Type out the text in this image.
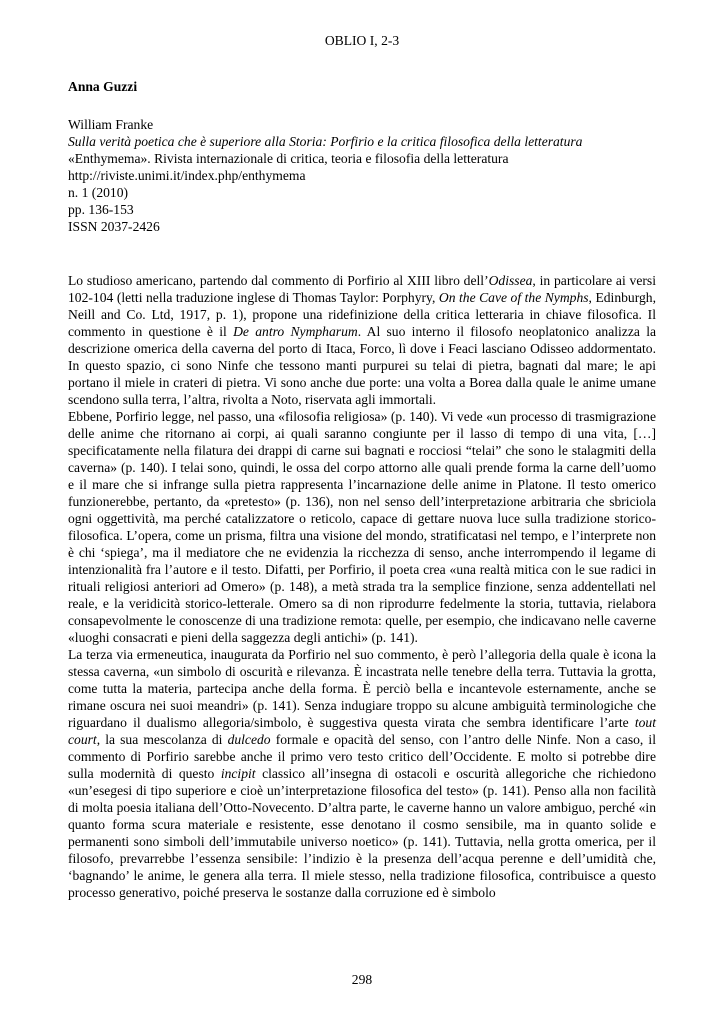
OBLIO I, 2-3
Anna Guzzi
William Franke
Sulla verità poetica che è superiore alla Storia: Porfirio e la critica filosofica della letteratura
«Enthymema». Rivista internazionale di critica, teoria e filosofia della letteratura
http://riviste.unimi.it/index.php/enthymema
n. 1 (2010)
pp. 136-153
ISSN 2037-2426

Lo studioso americano, partendo dal commento di Porfirio al XIII libro dell’Odissea, in particolare ai versi 102-104 (letti nella traduzione inglese di Thomas Taylor: Porphyry, On the Cave of the Nymphs, Edinburgh, Neill and Co. Ltd, 1917, p. 1), propone una ridefinizione della critica letteraria in chiave filosofica. Il commento in questione è il De antro Nympharum. Al suo interno il filosofo neoplatonico analizza la descrizione omerica della caverna del porto di Itaca, Forco, lì dove i Feaci lasciano Odisseo addormentato. In questo spazio, ci sono Ninfe che tessono manti purpurei su telai di pietra, bagnati dal mare; le api portano il miele in crateri di pietra. Vi sono anche due porte: una volta a Borea dalla quale le anime umane scendono sulla terra, l’altra, rivolta a Noto, riservata agli immortali.

Ebbene, Porfirio legge, nel passo, una «filosofia religiosa» (p. 140). Vi vede «un processo di trasmigrazione delle anime che ritornano ai corpi, ai quali saranno congiunte per il lasso di tempo di una vita, […] specificatamente nella filatura dei drappi di carne sui bagnati e rocciosi “telai” che sono le stalagmiti della caverna» (p. 140). I telai sono, quindi, le ossa del corpo attorno alle quali prende forma la carne dell’uomo e il mare che si infrange sulla pietra rappresenta l’incarnazione delle anime in Platone. Il testo omerico funzionerebbe, pertanto, da «pretesto» (p. 136), non nel senso dell’interpretazione arbitraria che sbriciola ogni oggettività, ma perché catalizzatore o reticolo, capace di gettare nuova luce sulla tradizione storico-filosofica. L’opera, come un prisma, filtra una visione del mondo, stratificatasi nel tempo, e l’interprete non è chi ‘spiega’, ma il mediatore che ne evidenzia la ricchezza di senso, anche interrompendo il legame di intenzionalità fra l’autore e il testo. Difatti, per Porfirio, il poeta crea «una realtà mitica con le sue radici in rituali religiosi anteriori ad Omero» (p. 148), a metà strada tra la semplice finzione, senza addentellati nel reale, e la veridicità storico-letterale. Omero sa di non riprodurre fedelmente la storia, tuttavia, rielabora consapevolmente le conoscenze di una tradizione remota: quelle, per esempio, che indicavano nelle caverne «luoghi consacrati e pieni della saggezza degli antichi» (p. 141).

La terza via ermeneutica, inaugurata da Porfirio nel suo commento, è però l’allegoria della quale è icona la stessa caverna, «un simbolo di oscurità e rilevanza. È incastrata nelle tenebre della terra. Tuttavia la grotta, come tutta la materia, partecipa anche della forma. È perciò bella e incantevole esternamente, anche se rimane oscura nei suoi meandri» (p. 141). Senza indugiare troppo su alcune ambiguità terminologiche che riguardano il dualismo allegoria/simbolo, è suggestiva questa virata che sembra identificare l’arte tout court, la sua mescolanza di dulcedo formale e opacità del senso, con l’antro delle Ninfe. Non a caso, il commento di Porfirio sarebbe anche il primo vero testo critico dell’Occidente. E molto si potrebbe dire sulla modernità di questo incipit classico all’insegna di ostacoli e oscurità allegoriche che richiedono «un’esegesi di tipo superiore e cioè un’interpretazione filosofica del testo» (p. 141). Penso alla non facilità di molta poesia italiana dell’Otto-Novecento. D’altra parte, le caverne hanno un valore ambiguo, perché «in quanto forma scura materiale e resistente, esse denotano il cosmo sensibile, ma in quanto solide e permanenti sono simboli dell’immutabile universo noetico» (p. 141). Tuttavia, nella grotta omerica, per il filosofo, prevarrebbe l’essenza sensibile: l’indizio è la presenza dell’acqua perenne e dell’umidità che, ‘bagnando’ le anime, le genera alla terra. Il miele stesso, nella tradizione filosofica, contribuisce a questo processo generativo, poiché preserva le sostanze dalla corruzione ed è simbolo

298
